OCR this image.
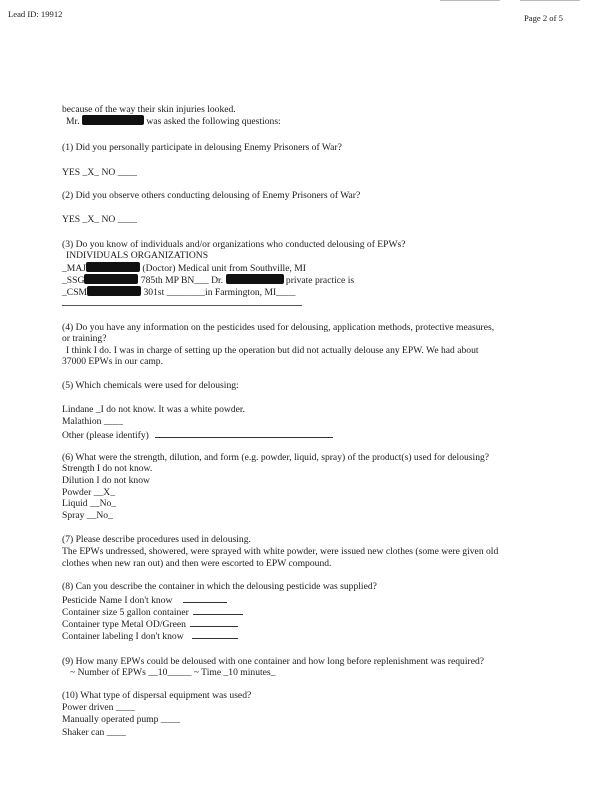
Lead ID: 19912	Page 2 of 5
because of the way their skin injuries looked.
Mr.	was asked the following questions:
(1) Did you personally participate in delousing Enemy Prisoners of War?
YES _X_ NO ____
(2) Did you observe others conducting delousing of Enemy Prisoners of War?
YES _X_ NO ____
(3) Do you know of individuals and/or organizations who conducted delousing of EPWs?
INDIVIDUALS ORGANIZATIONS
_MAJ	(Doctor) Medical unit from Southville, MI
_SSG	785th MP BN___ Dr.	private practice is
_CSM	301st ________in Farmington, MI____
(4) Do you have any information on the pesticides used for delousing, application methods, protective measures,
or training?
I think I do. I was in charge of setting up the operation but did not actually delouse any EPW. We had about
37000 EPWs in our camp.
(5) Which chemicals were used for delousing:
Lindane _I do not know. It was a white powder.
Malathion ____
Other (please identify)
(6) What were the strength, dilution, and form (e.g. powder, liquid, spray) of the product(s) used for delousing?
Strength I do not know.
Dilution I do not know
Powder __X_
Liquid __No_
Spray __No_
(7) Please describe procedures used in delousing.
The EPWs undressed, showered, were sprayed with white powder, were issued new clothes (some were given old
clothes when new ran out) and then were escorted to EPW compound.
(8) Can you describe the container in which the delousing pesticide was supplied?
Pesticide Name I don't know
Container size 5 gallon container
Container type Metal OD/Green
Container labeling I don't know
(9) How many EPWs could be deloused with one container and how long before replenishment was required?
~ Number of EPWs __10_____ ~ Time _10 minutes_
(10) What type of dispersal equipment was used?
Power driven ____
Manually operated pump ____
Shaker can ____
